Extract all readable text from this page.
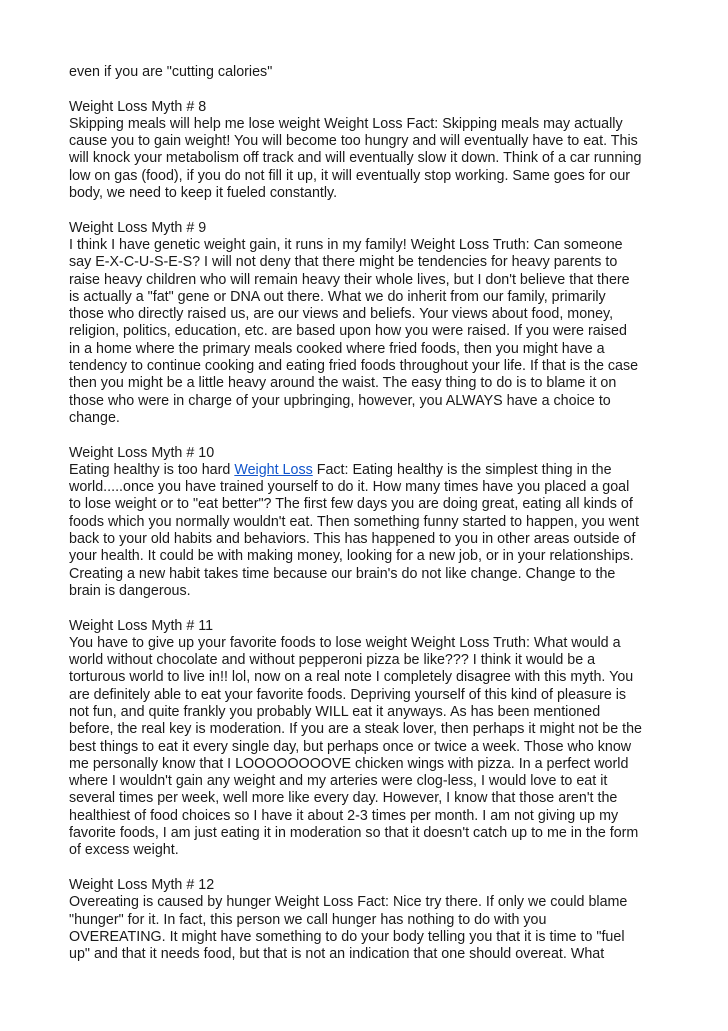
even if you are "cutting calories"

Weight Loss Myth # 8
Skipping meals will help me lose weight Weight Loss Fact: Skipping meals may actually
cause you to gain weight! You will become too hungry and will eventually have to eat. This
will knock your metabolism off track and will eventually slow it down. Think of a car running
low on gas (food), if you do not fill it up, it will eventually stop working. Same goes for our
body, we need to keep it fueled constantly.

Weight Loss Myth # 9
I think I have genetic weight gain, it runs in my family! Weight Loss Truth: Can someone
say E-X-C-U-S-E-S? I will not deny that there might be tendencies for heavy parents to
raise heavy children who will remain heavy their whole lives, but I don't believe that there
is actually a "fat" gene or DNA out there. What we do inherit from our family, primarily
those who directly raised us, are our views and beliefs. Your views about food, money,
religion, politics, education, etc. are based upon how you were raised. If you were raised
in a home where the primary meals cooked where fried foods, then you might have a
tendency to continue cooking and eating fried foods throughout your life. If that is the case
then you might be a little heavy around the waist. The easy thing to do is to blame it on
those who were in charge of your upbringing, however, you ALWAYS have a choice to
change.

Weight Loss Myth # 10
Eating healthy is too hard Weight Loss Fact: Eating healthy is the simplest thing in the
world.....once you have trained yourself to do it. How many times have you placed a goal
to lose weight or to "eat better"? The first few days you are doing great, eating all kinds of
foods which you normally wouldn't eat. Then something funny started to happen, you went
back to your old habits and behaviors. This has happened to you in other areas outside of
your health. It could be with making money, looking for a new job, or in your relationships.
Creating a new habit takes time because our brain's do not like change. Change to the
brain is dangerous.

Weight Loss Myth # 11
You have to give up your favorite foods to lose weight Weight Loss Truth: What would a
world without chocolate and without pepperoni pizza be like??? I think it would be a
torturous world to live in!! lol, now on a real note I completely disagree with this myth. You
are definitely able to eat your favorite foods. Depriving yourself of this kind of pleasure is
not fun, and quite frankly you probably WILL eat it anyways. As has been mentioned
before, the real key is moderation. If you are a steak lover, then perhaps it might not be the
best things to eat it every single day, but perhaps once or twice a week. Those who know
me personally know that I LOOOOOOOOVE chicken wings with pizza. In a perfect world
where I wouldn't gain any weight and my arteries were clog-less, I would love to eat it
several times per week, well more like every day. However, I know that those aren't the
healthiest of food choices so I have it about 2-3 times per month. I am not giving up my
favorite foods, I am just eating it in moderation so that it doesn't catch up to me in the form
of excess weight.

Weight Loss Myth # 12
Overeating is caused by hunger Weight Loss Fact: Nice try there. If only we could blame
"hunger" for it. In fact, this person we call hunger has nothing to do with you
OVEREATING. It might have something to do your body telling you that it is time to "fuel
up" and that it needs food, but that is not an indication that one should overeat. What
